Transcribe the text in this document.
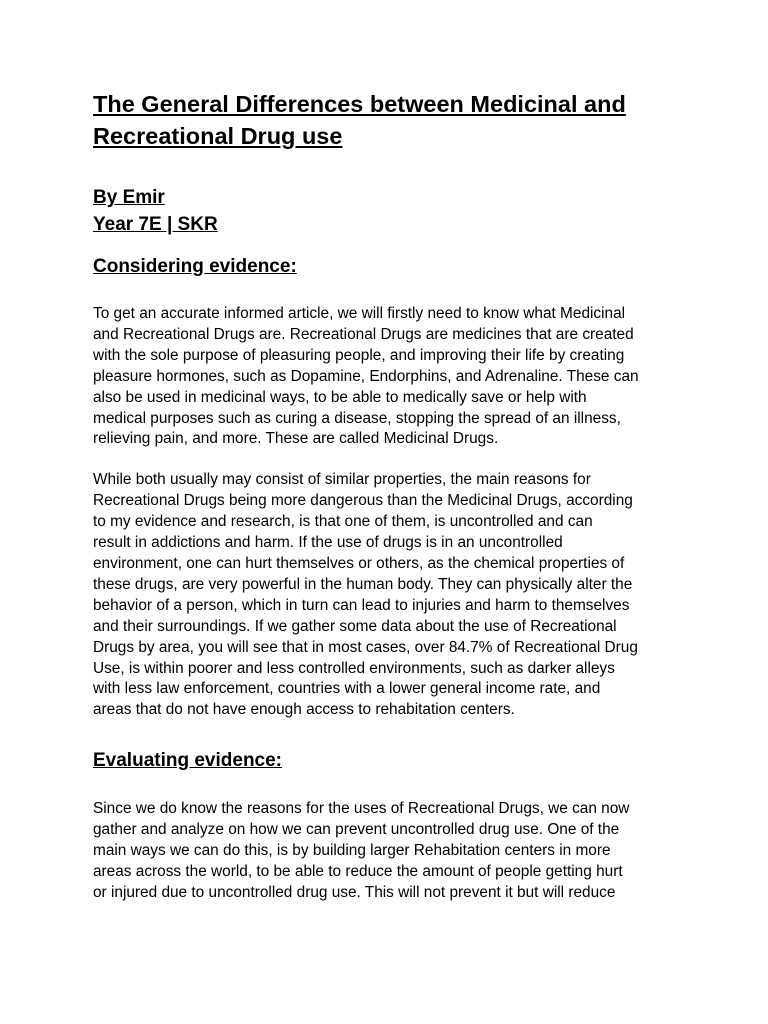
The General Differences between Medicinal and
Recreational Drug use
By Emir
Year 7E | SKR
Considering evidence:

To get an accurate informed article, we will firstly need to know what Medicinal
and Recreational Drugs are. Recreational Drugs are medicines that are created
with the sole purpose of pleasuring people, and improving their life by creating
pleasure hormones, such as Dopamine, Endorphins, and Adrenaline. These can
also be used in medicinal ways, to be able to medically save or help with
medical purposes such as curing a disease, stopping the spread of an illness,
relieving pain, and more. These are called Medicinal Drugs.

While both usually may consist of similar properties, the main reasons for
Recreational Drugs being more dangerous than the Medicinal Drugs, according
to my evidence and research, is that one of them, is uncontrolled and can
result in addictions and harm. If the use of drugs is in an uncontrolled
environment, one can hurt themselves or others, as the chemical properties of
these drugs, are very powerful in the human body. They can physically alter the
behavior of a person, which in turn can lead to injuries and harm to themselves
and their surroundings. If we gather some data about the use of Recreational
Drugs by area, you will see that in most cases, over 84.7% of Recreational Drug
Use, is within poorer and less controlled environments, such as darker alleys
with less law enforcement, countries with a lower general income rate, and
areas that do not have enough access to rehabitation centers.

Evaluating evidence:

Since we do know the reasons for the uses of Recreational Drugs, we can now
gather and analyze on how we can prevent uncontrolled drug use. One of the
main ways we can do this, is by building larger Rehabitation centers in more
areas across the world, to be able to reduce the amount of people getting hurt
or injured due to uncontrolled drug use. This will not prevent it but will reduce
